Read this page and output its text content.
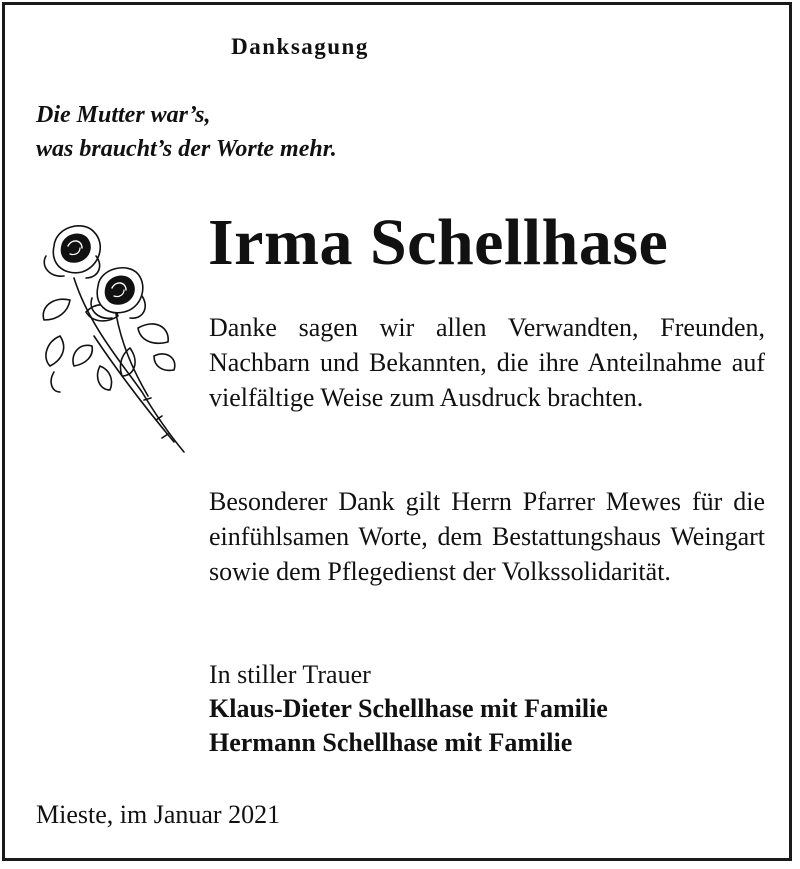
Danksagung
Die Mutter war’s,
was braucht’s der Worte mehr.
Irma Schellhase
Danke sagen wir allen Verwandten, Freunden, Nachbarn und Bekannten, die ihre Anteilnahme auf vielfältige Weise zum Ausdruck brachten.
Besonderer Dank gilt Herrn Pfarrer Mewes für die einfühlsamen Worte, dem Bestattungshaus Weingart sowie dem Pflegedienst der Volkssolidarität.
In stiller Trauer
Klaus-Dieter Schellhase mit Familie
Hermann Schellhase mit Familie
Mieste, im Januar 2021
